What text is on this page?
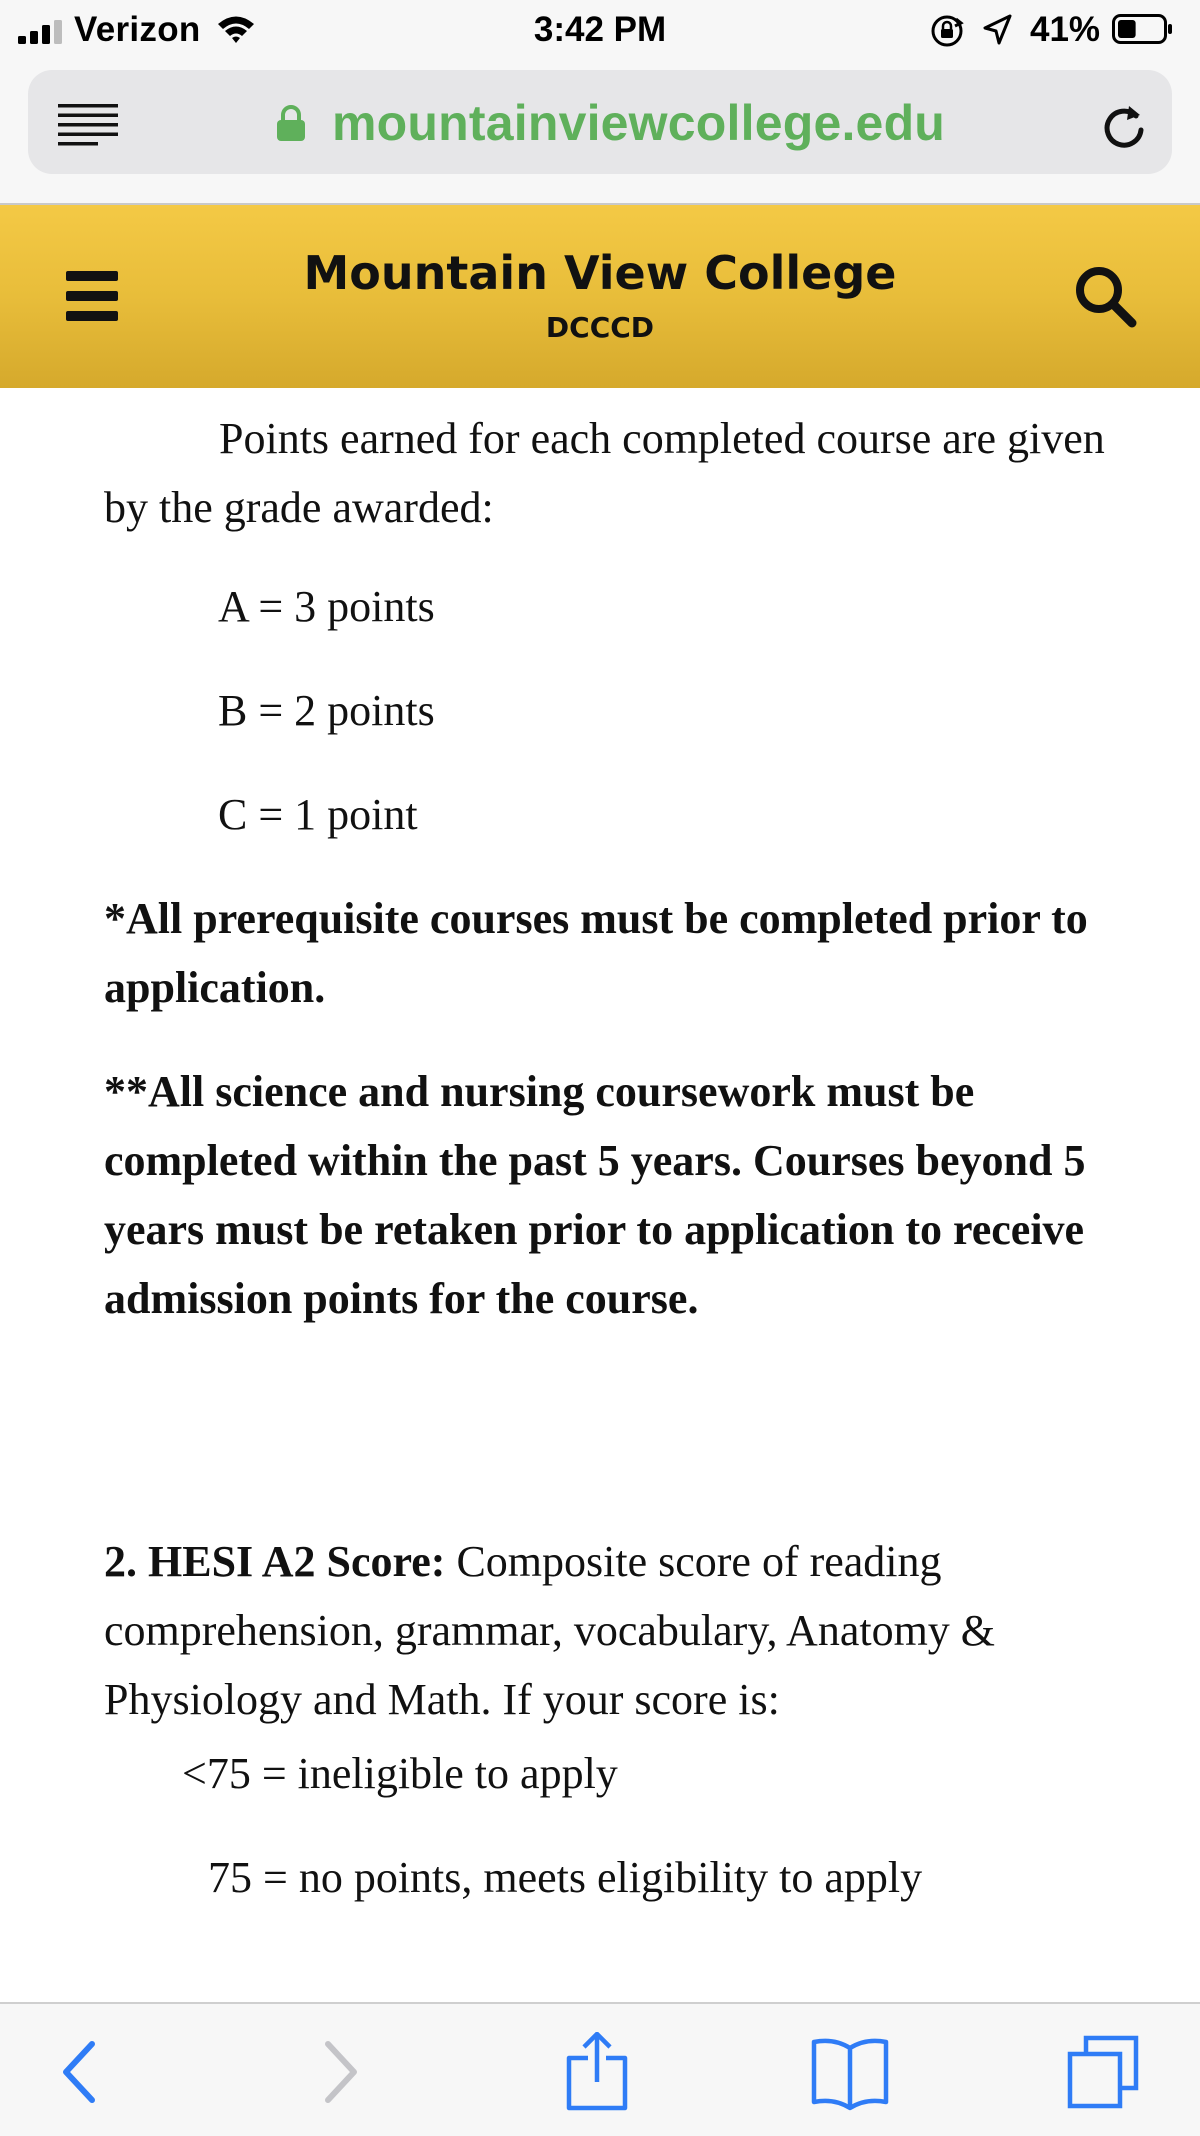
Verizon	3:42 PM	41%
mountainviewcollege.edu
Mountain View College
DCCCD

Points earned for each completed course are given by the grade awarded:

A = 3 points

B = 2 points

C = 1 point

*All prerequisite courses must be completed prior to application.

**All science and nursing coursework must be completed within the past 5 years. Courses beyond 5 years must be retaken prior to application to receive admission points for the course.

2. HESI A2 Score: Composite score of reading comprehension, grammar, vocabulary, Anatomy & Physiology and Math. If your score is:

<75 = ineligible to apply

75 = no points, meets eligibility to apply
